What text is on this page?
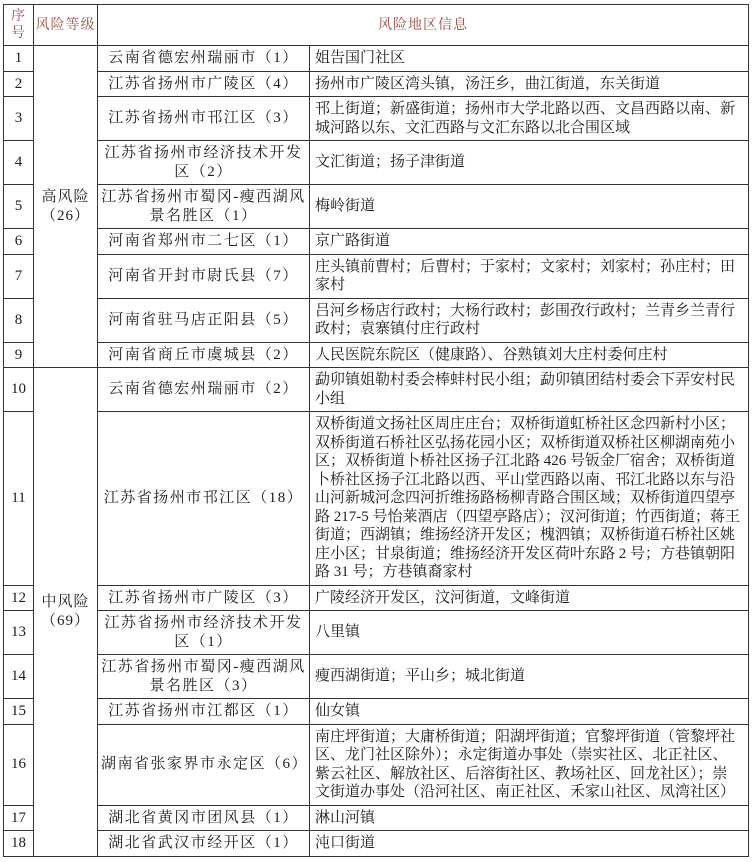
序号	风险等级	风险地区信息	
1	高风险（26）	云南省德宏州瑞丽市（1）	姐告国门社区
2		江苏省扬州市广陵区（4）	扬州市广陵区湾头镇，汤汪乡，曲江街道，东关街道
3		江苏省扬州市邗江区（3）	邗上街道；新盛街道；扬州市大学北路以西、文昌西路以南、新城河路以东、文汇西路与文汇东路以北合围区域
4		江苏省扬州市经济技术开发区（2）	文汇街道；扬子津街道
5		江苏省扬州市蜀冈-瘦西湖风景名胜区（1）	梅岭街道
6		河南省郑州市二七区（1）	京广路街道
7		河南省开封市尉氏县（7）	庄头镇前曹村；后曹村；于家村；文家村；刘家村；孙庄村；田家村
8		河南省驻马店正阳县（5）	吕河乡杨店行政村；大杨行政村；彭围孜行政村；兰青乡兰青行政村；袁寨镇付庄行政村
9		河南省商丘市虞城县（2）	人民医院东院区（健康路）、谷熟镇刘大庄村委何庄村
10	中风险（69）	云南省德宏州瑞丽市（2）	勐卯镇姐勒村委会棒蚌村民小组；勐卯镇团结村委会下弄安村民小组
11		江苏省扬州市邗江区（18）	双桥街道文扬社区周庄庄台；双桥街道虹桥社区念四新村小区；双桥街道石桥社区弘扬花园小区；双桥街道双桥社区柳湖南苑小区；双桥街道卜桥社区扬子江北路 426 号钣金厂宿舍；双桥街道卜桥社区扬子江北路以西、平山堂西路以南、邗江北路以东与沿山河新城河念四河折维扬路杨柳青路合围区域；双桥街道四望亭路 217-5 号怡莱酒店（四望亭路店）；汊河街道；竹西街道；蒋王街道；西湖镇；维扬经济开发区；槐泗镇；双桥街道石桥社区姚庄小区；甘泉街道；维扬经济开发区荷叶东路 2 号；方巷镇朝阳路 31 号；方巷镇裔家村
12		江苏省扬州市广陵区（3）	广陵经济开发区，汶河街道，文峰街道
13		江苏省扬州市经济技术开发区（1）	八里镇
14		江苏省扬州市蜀冈-瘦西湖风景名胜区（3）	瘦西湖街道；平山乡；城北街道
15		江苏省扬州市江都区（1）	仙女镇
16		湖南省张家界市永定区（6）	南庄坪街道；大庸桥街道；阳湖坪街道；官黎坪街道（管黎坪社区、龙门社区除外）；永定街道办事处（崇实社区、北正社区、紫云社区、解放社区、后溶街社区、教场社区、回龙社区）；崇文街道办事处（沿河社区、南正社区、禾家山社区、凤湾社区）
17		湖北省黄冈市团风县（1）	淋山河镇
18		湖北省武汉市经开区（1）	沌口街道
